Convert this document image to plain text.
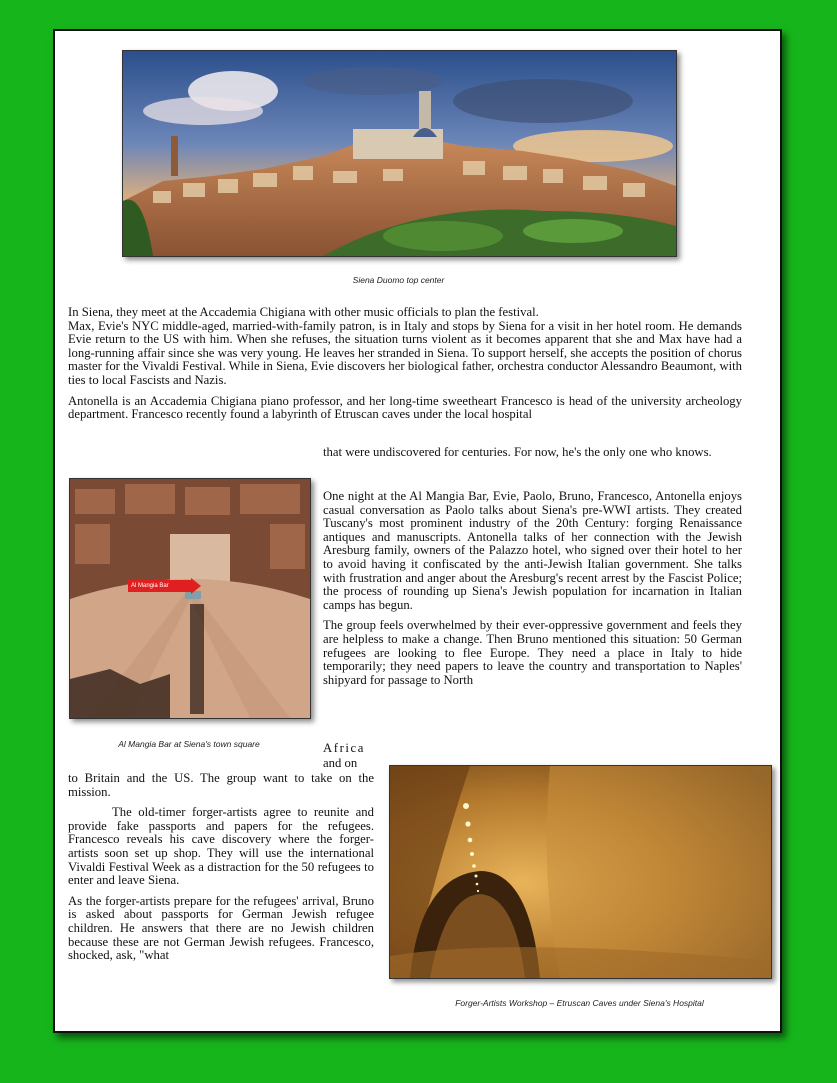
Siena Duomo top center

In Siena, they meet at the Accademia Chigiana with other music officials to plan the festival.

Max, Evie's NYC middle-aged, married-with-family patron, is in Italy and stops by Siena for a visit in her hotel room. He demands Evie return to the US with him. When she refuses, the situation turns violent as it becomes apparent that she and Max have had a long-running affair since she was very young. He leaves her stranded in Siena. To support herself, she accepts the position of chorus master for the Vivaldi Festival. While in Siena, Evie discovers her biological father, orchestra conductor Alessandro Beaumont, with ties to local Fascists and Nazis.

Antonella is an Accademia Chigiana piano professor, and her long-time sweetheart Francesco is head of the university archeology department. Francesco recently found a labyrinth of Etruscan caves under the local hospital

that were undiscovered for centuries. For now, he's the only one who knows.

Al Mangia Bar
Al Mangia Bar at Siena's town square

One night at the Al Mangia Bar, Evie, Paolo, Bruno, Francesco, Antonella enjoys casual conversation as Paolo talks about Siena's pre-WWI artists. They created Tuscany's most prominent industry of the 20th Century: forging Renaissance antiques and manuscripts. Antonella talks of her connection with the Jewish Aresburg family, owners of the Palazzo hotel, who signed over their hotel to her to avoid having it confiscated by the anti-Jewish Italian government. She talks with frustration and anger about the Aresburg's recent arrest by the Fascist Police; the process of rounding up Siena's Jewish population for incarnation in Italian camps has begun.

The group feels overwhelmed by their ever-oppressive government and feels they are helpless to make a change. Then Bruno mentioned this situation: 50 German refugees are looking to flee Europe. They need a place in Italy to hide temporarily; they need papers to leave the country and transportation to Naples' shipyard for passage to North

Africa
and on

to Britain and the US. The group want to take on the mission.

The old-timer forger-artists agree to reunite and provide fake passports and papers for the refugees. Francesco reveals his cave discovery where the forger-artists soon set up shop. They will use the international Vivaldi Festival Week as a distraction for the 50 refugees to enter and leave Siena.

As the forger-artists prepare for the refugees' arrival, Bruno is asked about passports for German Jewish refugee children. He answers that there are no Jewish children because these are not German Jewish refugees. Francesco, shocked, ask, "what

Forger-Artists Workshop – Etruscan Caves under Siena's Hospital
